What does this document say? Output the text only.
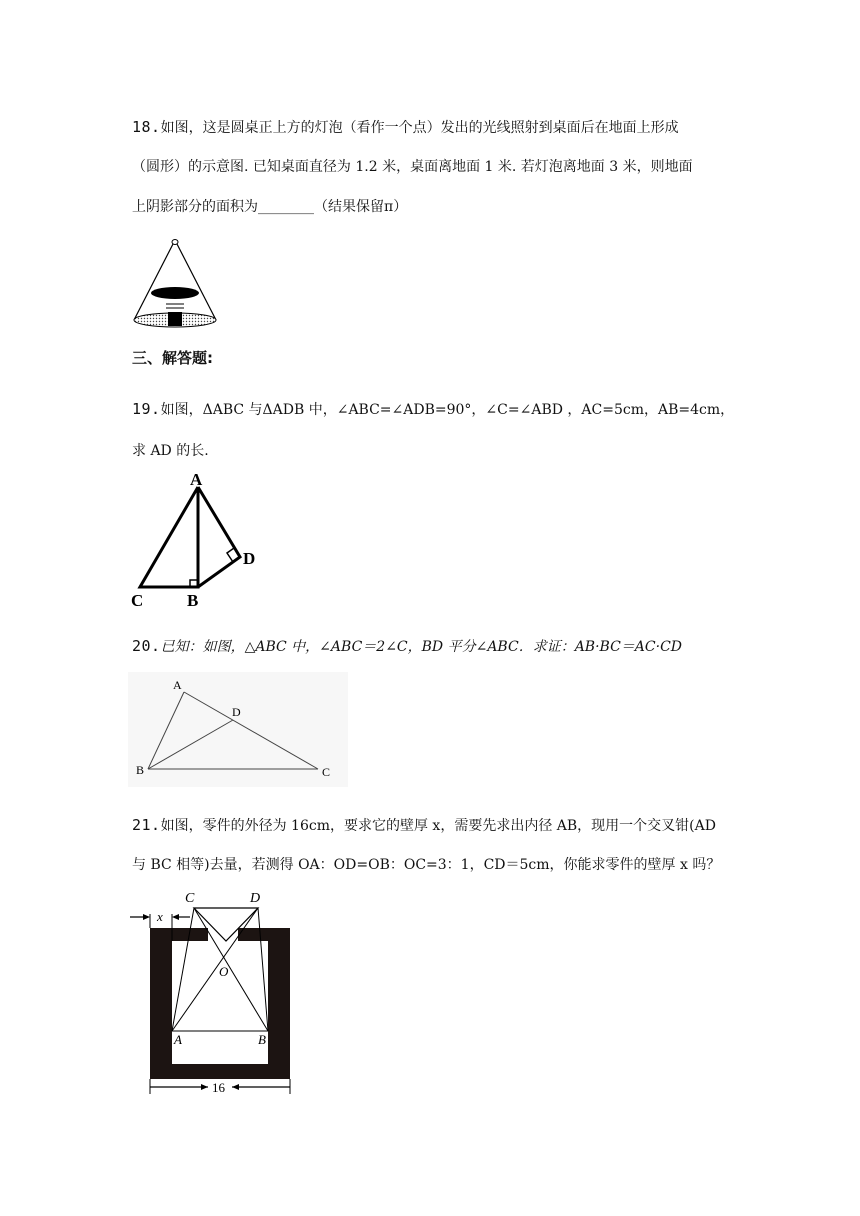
18.如图，这是圆桌正上方的灯泡（看作一个点）发出的光线照射到桌面后在地面上形成
（圆形）的示意图. 已知桌面直径为 1.2 米，桌面离地面 1 米. 若灯泡离地面 3 米，则地面
上阴影部分的面积为________（结果保留π）
三、解答题:
19.如图，ΔABC 与ΔADB 中，∠ABC=∠ADB=90°，∠C=∠ABD ，AC=5cm，AB=4cm，
求 AD 的长.
A
C	B
D
20.已知：如图，△ABC 中，∠ABC＝2∠C，BD 平分∠ABC．求证：AB·BC＝AC·CD
A
B	C
D
21.如图，零件的外径为 16cm，要求它的壁厚 x，需要先求出内径 AB，现用一个交叉钳(AD
与 BC 相等)去量，若测得 OA：OD=OB：OC=3：1，CD＝5cm，你能求零件的壁厚 x 吗？
C	D
x
O
A	B
16
